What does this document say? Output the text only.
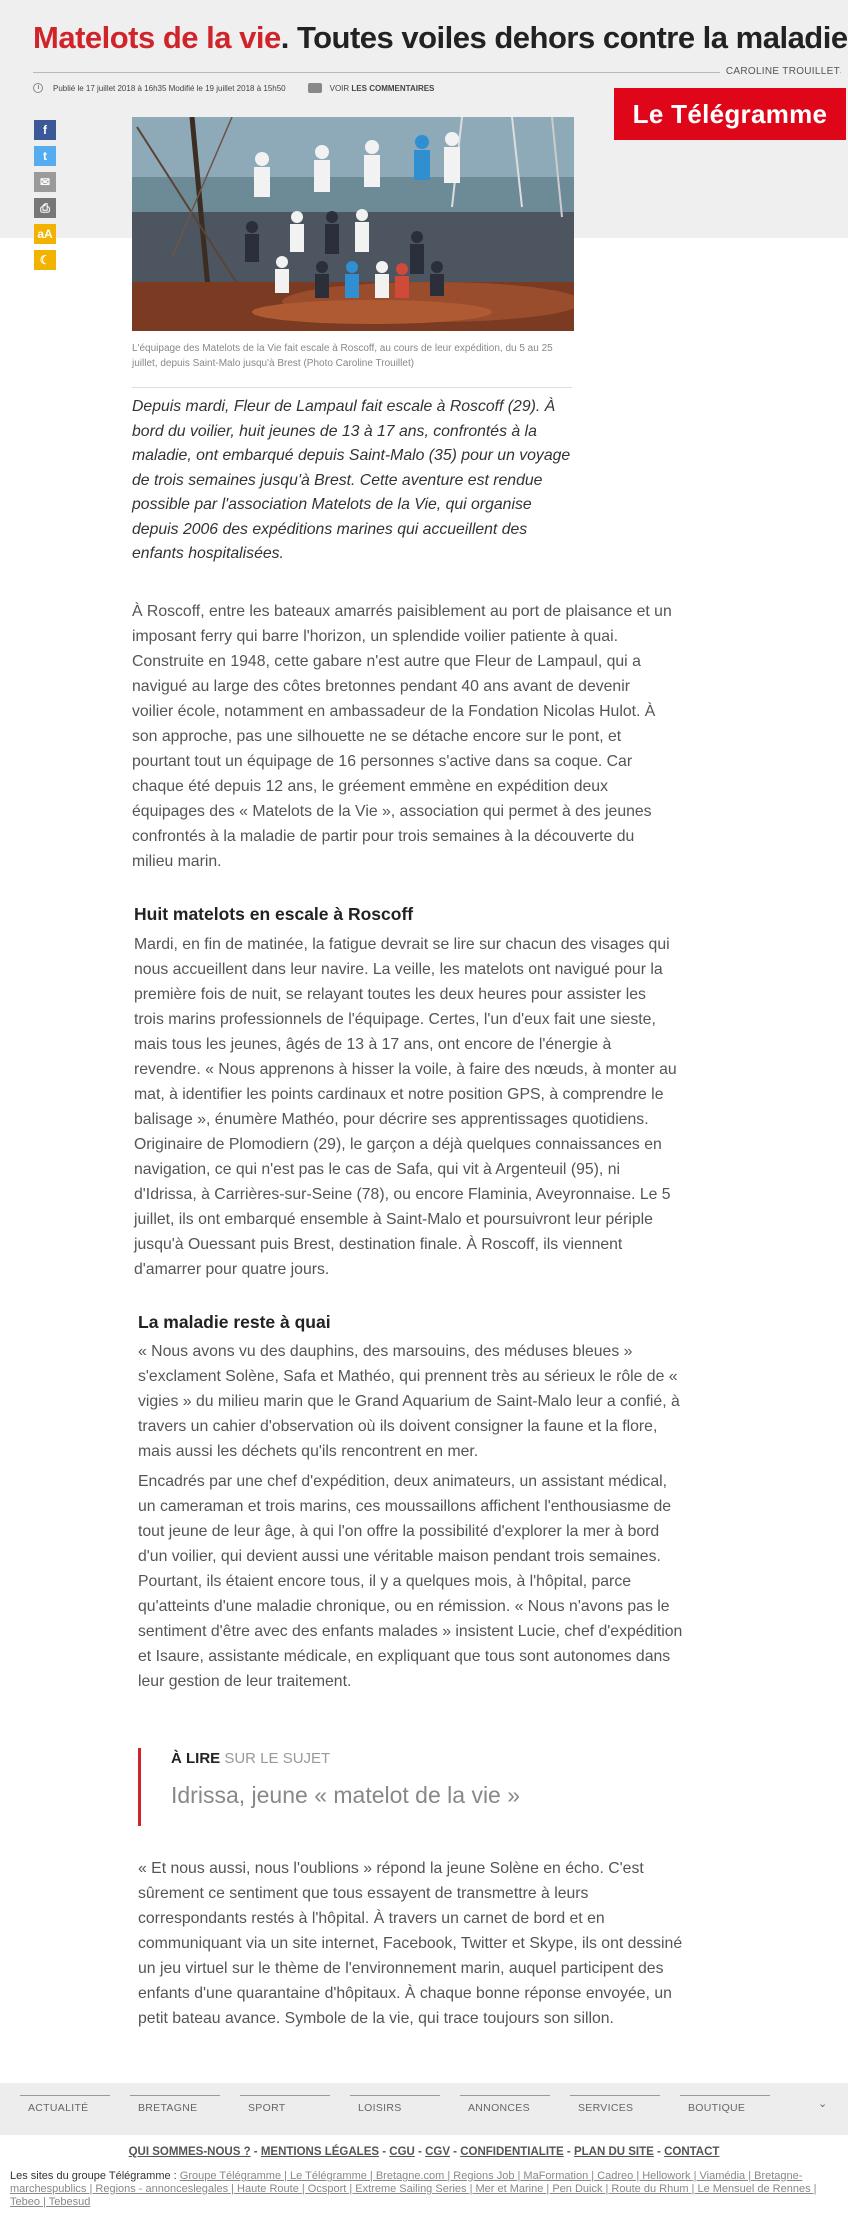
Matelots de la vie. Toutes voiles dehors contre la maladie
CAROLINE TROUILLET
Publié le 17 juillet 2018 à 16h35 Modifié le 19 juillet 2018 à 15h50	VOIR LES COMMENTAIRES
Le Télégramme
f
t
✉
⎙
aA
☾
L'équipage des Matelots de la Vie fait escale à Roscoff, au cours de leur expédition, du 5 au 25 juillet, depuis Saint-Malo jusqu'à Brest (Photo Caroline Trouillet)

Depuis mardi, Fleur de Lampaul fait escale à Roscoff (29). À bord du voilier, huit jeunes de 13 à 17 ans, confrontés à la maladie, ont embarqué depuis Saint-Malo (35) pour un voyage de trois semaines jusqu'à Brest. Cette aventure est rendue possible par l'association Matelots de la Vie, qui organise depuis 2006 des expéditions marines qui accueillent des enfants hospitalisées.

À Roscoff, entre les bateaux amarrés paisiblement au port de plaisance et un imposant ferry qui barre l'horizon, un splendide voilier patiente à quai. Construite en 1948, cette gabare n'est autre que Fleur de Lampaul, qui a navigué au large des côtes bretonnes pendant 40 ans avant de devenir voilier école, notamment en ambassadeur de la Fondation Nicolas Hulot. À son approche, pas une silhouette ne se détache encore sur le pont, et pourtant tout un équipage de 16 personnes s'active dans sa coque. Car chaque été depuis 12 ans, le gréement emmène en expédition deux équipages des « Matelots de la Vie », association qui permet à des jeunes confrontés à la maladie de partir pour trois semaines à la découverte du milieu marin.

Huit matelots en escale à Roscoff

Mardi, en fin de matinée, la fatigue devrait se lire sur chacun des visages qui nous accueillent dans leur navire. La veille, les matelots ont navigué pour la première fois de nuit, se relayant toutes les deux heures pour assister les trois marins professionnels de l'équipage. Certes, l'un d'eux fait une sieste, mais tous les jeunes, âgés de 13 à 17 ans, ont encore de l'énergie à revendre. « Nous apprenons à hisser la voile, à faire des nœuds, à monter au mat, à identifier les points cardinaux et notre position GPS, à comprendre le balisage », énumère Mathéo, pour décrire ses apprentissages quotidiens. Originaire de Plomodiern (29), le garçon a déjà quelques connaissances en navigation, ce qui n'est pas le cas de Safa, qui vit à Argenteuil (95), ni d'Idrissa, à Carrières-sur-Seine (78), ou encore Flaminia, Aveyronnaise. Le 5 juillet, ils ont embarqué ensemble à Saint-Malo et poursuivront leur périple jusqu'à Ouessant puis Brest, destination finale. À Roscoff, ils viennent d'amarrer pour quatre jours.

La maladie reste à quai

« Nous avons vu des dauphins, des marsouins, des méduses bleues » s'exclament Solène, Safa et Mathéo, qui prennent très au sérieux le rôle de « vigies » du milieu marin que le Grand Aquarium de Saint-Malo leur a confié, à travers un cahier d'observation où ils doivent consigner la faune et la flore, mais aussi les déchets qu'ils rencontrent en mer.

Encadrés par une chef d'expédition, deux animateurs, un assistant médical, un cameraman et trois marins, ces moussaillons affichent l'enthousiasme de tout jeune de leur âge, à qui l'on offre la possibilité d'explorer la mer à bord d'un voilier, qui devient aussi une véritable maison pendant trois semaines. Pourtant, ils étaient encore tous, il y a quelques mois, à l'hôpital, parce qu'atteints d'une maladie chronique, ou en rémission. « Nous n'avons pas le sentiment d'être avec des enfants malades » insistent Lucie, chef d'expédition et Isaure, assistante médicale, en expliquant que tous sont autonomes dans leur gestion de leur traitement.

À LIRE SUR LE SUJET
Idrissa, jeune « matelot de la vie »

« Et nous aussi, nous l'oublions » répond la jeune Solène en écho. C'est sûrement ce sentiment que tous essayent de transmettre à leurs correspondants restés à l'hôpital. À travers un carnet de bord et en communiquant via un site internet, Facebook, Twitter et Skype, ils ont dessiné un jeu virtuel sur le thème de l'environnement marin, auquel participent des enfants d'une quarantaine d'hôpitaux. À chaque bonne réponse envoyée, un petit bateau avance. Symbole de la vie, qui trace toujours son sillon.

ACTUALITÉ	BRETAGNE	SPORT	LOISIRS	ANNONCES	SERVICES	BOUTIQUE	⌄
QUI SOMMES-NOUS ? - MENTIONS LÉGALES - CGU - CGV - CONFIDENTIALITE - PLAN DU SITE - CONTACT
Les sites du groupe Télégramme : Groupe Télégramme | Le Télégramme | Bretagne.com | Regions Job | MaFormation | Cadreo | Hellowork | Viamédia | Bretagne-marchespublics | Regions - annonceslegales | Haute Route | Ocsport | Extreme Sailing Series | Mer et Marine | Pen Duick | Route du Rhum | Le Mensuel de Rennes | Tebeo | Tebesud
